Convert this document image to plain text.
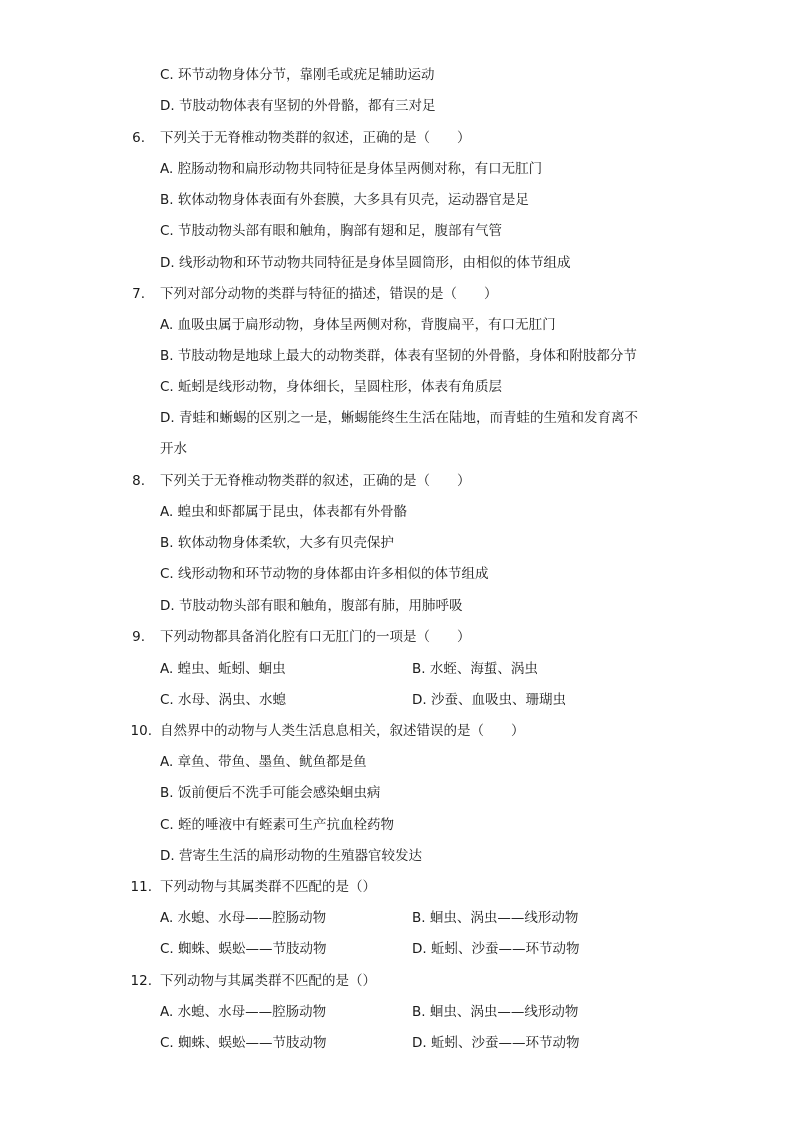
C. 环节动物身体分节，靠刚毛或疣足辅助运动
D. 节肢动物体表有坚韧的外骨骼，都有三对足
6. 下列关于无脊椎动物类群的叙述，正确的是（　　）
A. 腔肠动物和扁形动物共同特征是身体呈两侧对称，有口无肛门
B. 软体动物身体表面有外套膜，大多具有贝壳，运动器官是足
C. 节肢动物头部有眼和触角，胸部有翅和足，腹部有气管
D. 线形动物和环节动物共同特征是身体呈圆筒形，由相似的体节组成
7. 下列对部分动物的类群与特征的描述，错误的是（　　）
A. 血吸虫属于扁形动物，身体呈两侧对称，背腹扁平，有口无肛门
B. 节肢动物是地球上最大的动物类群，体表有坚韧的外骨骼，身体和附肢都分节
C. 蚯蚓是线形动物，身体细长，呈圆柱形，体表有角质层
D. 青蛙和蜥蜴的区别之一是，蜥蜴能终生生活在陆地，而青蛙的生殖和发育离不
开水
8. 下列关于无脊椎动物类群的叙述，正确的是（　　）
A. 蝗虫和虾都属于昆虫，体表都有外骨骼
B. 软体动物身体柔软，大多有贝壳保护
C. 线形动物和环节动物的身体都由许多相似的体节组成
D. 节肢动物头部有眼和触角，腹部有肺，用肺呼吸
9. 下列动物都具备消化腔有口无肛门的一项是（　　）
A. 蝗虫、蚯蚓、蛔虫	B. 水蛭、海蜇、涡虫
C. 水母、涡虫、水螅	D. 沙蚕、血吸虫、珊瑚虫
10. 自然界中的动物与人类生活息息相关，叙述错误的是（　　）
A. 章鱼、带鱼、墨鱼、鱿鱼都是鱼
B. 饭前便后不洗手可能会感染蛔虫病
C. 蛭的唾液中有蛭素可生产抗血栓药物
D. 营寄生生活的扁形动物的生殖器官较发达
11. 下列动物与其属类群不匹配的是（）
A. 水螅、水母——腔肠动物	B. 蛔虫、涡虫——线形动物
C. 蜘蛛、蜈蚣——节肢动物	D. 蚯蚓、沙蚕——环节动物
12. 下列动物与其属类群不匹配的是（）
A. 水螅、水母——腔肠动物	B. 蛔虫、涡虫——线形动物
C. 蜘蛛、蜈蚣——节肢动物	D. 蚯蚓、沙蚕——环节动物
